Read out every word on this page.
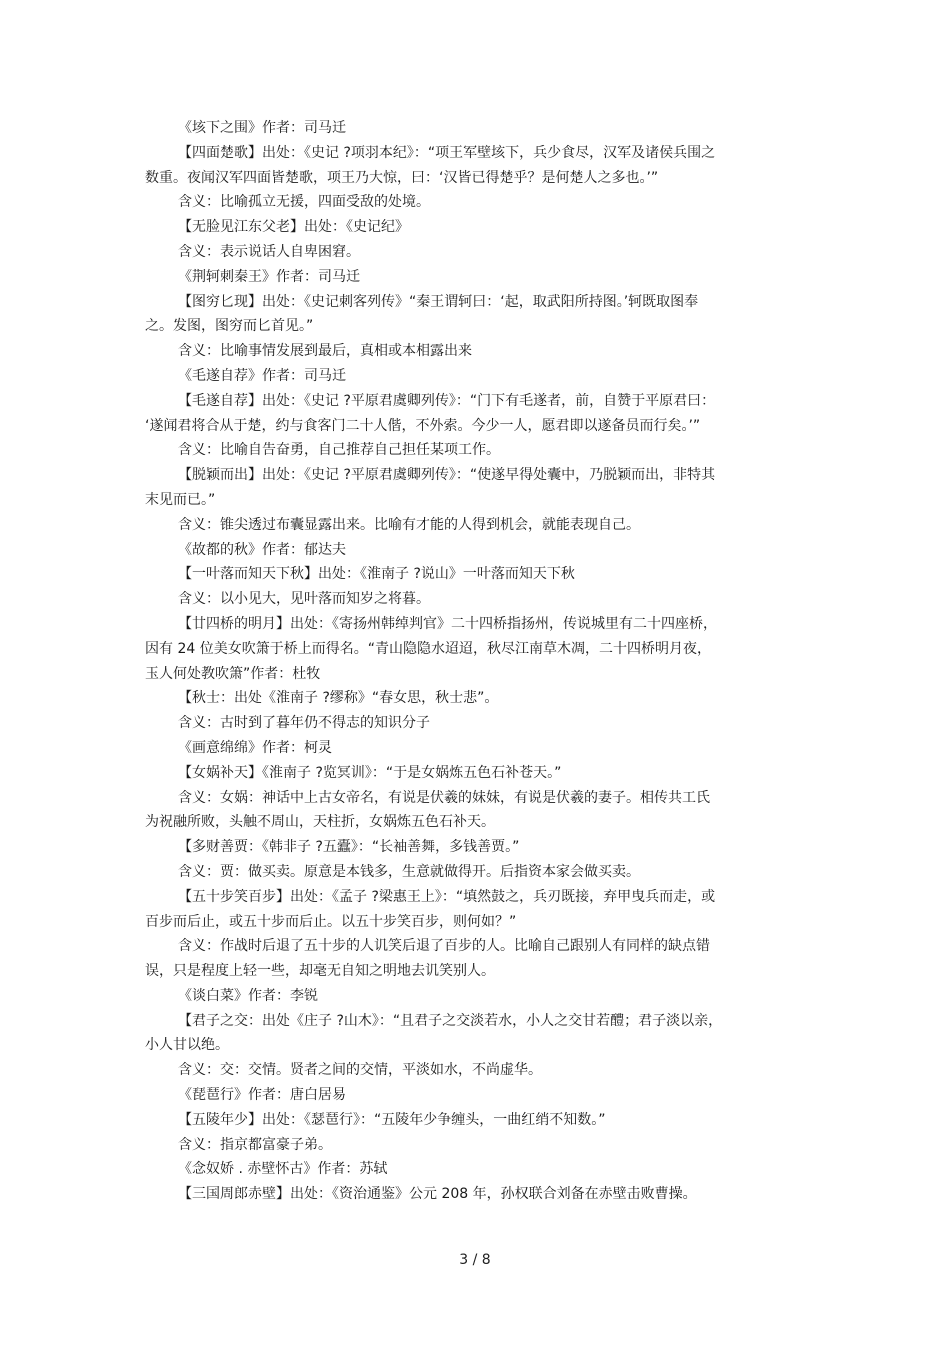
《垓下之围》作者：司马迁
【四面楚歌】出处：《史记 ?项羽本纪》：“项王军壁垓下，兵少食尽，汉军及诸侯兵围之
数重。夜闻汉军四面皆楚歌，项王乃大惊，曰：‘汉皆已得楚乎？是何楚人之多也。’”
含义：比喻孤立无援，四面受敌的处境。
【无脸见江东父老】出处：《史记纪》
含义：表示说话人自卑困窘。
《荆轲刺秦王》作者：司马迁
【图穷匕现】出处：《史记刺客列传》“秦王谓轲曰：‘起，取武阳所持图。’轲既取图奉
之。发图，图穷而匕首见。”
含义：比喻事情发展到最后，真相或本相露出来
《毛遂自荐》作者：司马迁
【毛遂自荐】出处：《史记 ?平原君虞卿列传》：“门下有毛遂者，前，自赞于平原君曰：
‘遂闻君将合从于楚，约与食客门二十人偕，不外索。今少一人，愿君即以遂备员而行矣。’”
含义：比喻自告奋勇，自己推荐自己担任某项工作。
【脱颖而出】出处：《史记 ?平原君虞卿列传》：“使遂早得处囊中，乃脱颖而出，非特其
末见而已。”
含义：锥尖透过布囊显露出来。比喻有才能的人得到机会，就能表现自己。
《故都的秋》作者：郁达夫
【一叶落而知天下秋】出处：《淮南子 ?说山》一叶落而知天下秋
含义：以小见大，见叶落而知岁之将暮。
【廿四桥的明月】出处：《寄扬州韩绰判官》二十四桥指扬州，传说城里有二十四座桥，
因有 24 位美女吹箫于桥上而得名。“青山隐隐水迢迢，秋尽江南草木凋，二十四桥明月夜，
玉人何处教吹箫”作者：杜牧
【秋士：出处《淮南子 ?缪称》“春女思，秋士悲”。
含义：古时到了暮年仍不得志的知识分子
《画意绵绵》作者：柯灵
【女娲补天】《淮南子 ?览冥训》：“于是女娲炼五色石补苍天。”
含义：女娲：神话中上古女帝名，有说是伏羲的妹妹，有说是伏羲的妻子。相传共工氏
为祝融所败，头触不周山，天柱折，女娲炼五色石补天。
【多财善贾：《韩非子 ?五蠹》：“长袖善舞，多钱善贾。”
含义：贾：做买卖。原意是本钱多，生意就做得开。后指资本家会做买卖。
【五十步笑百步】出处：《孟子 ?梁惠王上》：“填然鼓之，兵刃既接，弃甲曳兵而走，或
百步而后止，或五十步而后止。以五十步笑百步，则何如？”
含义：作战时后退了五十步的人讥笑后退了百步的人。比喻自己跟别人有同样的缺点错
误，只是程度上轻一些，却毫无自知之明地去讥笑别人。
《谈白菜》作者：李锐
【君子之交：出处《庄子 ?山木》：“且君子之交淡若水，小人之交甘若醴；君子淡以亲，
小人甘以绝。
含义：交：交情。贤者之间的交情，平淡如水，不尚虚华。
《琵琶行》作者：唐白居易
【五陵年少】出处：《瑟琶行》：“五陵年少争缠头，一曲红绡不知数。”
含义：指京都富豪子弟。
《念奴娇 . 赤壁怀古》作者：苏轼
【三国周郎赤壁】出处：《资治通鉴》公元 208 年，孙权联合刘备在赤壁击败曹操。
3 / 8
